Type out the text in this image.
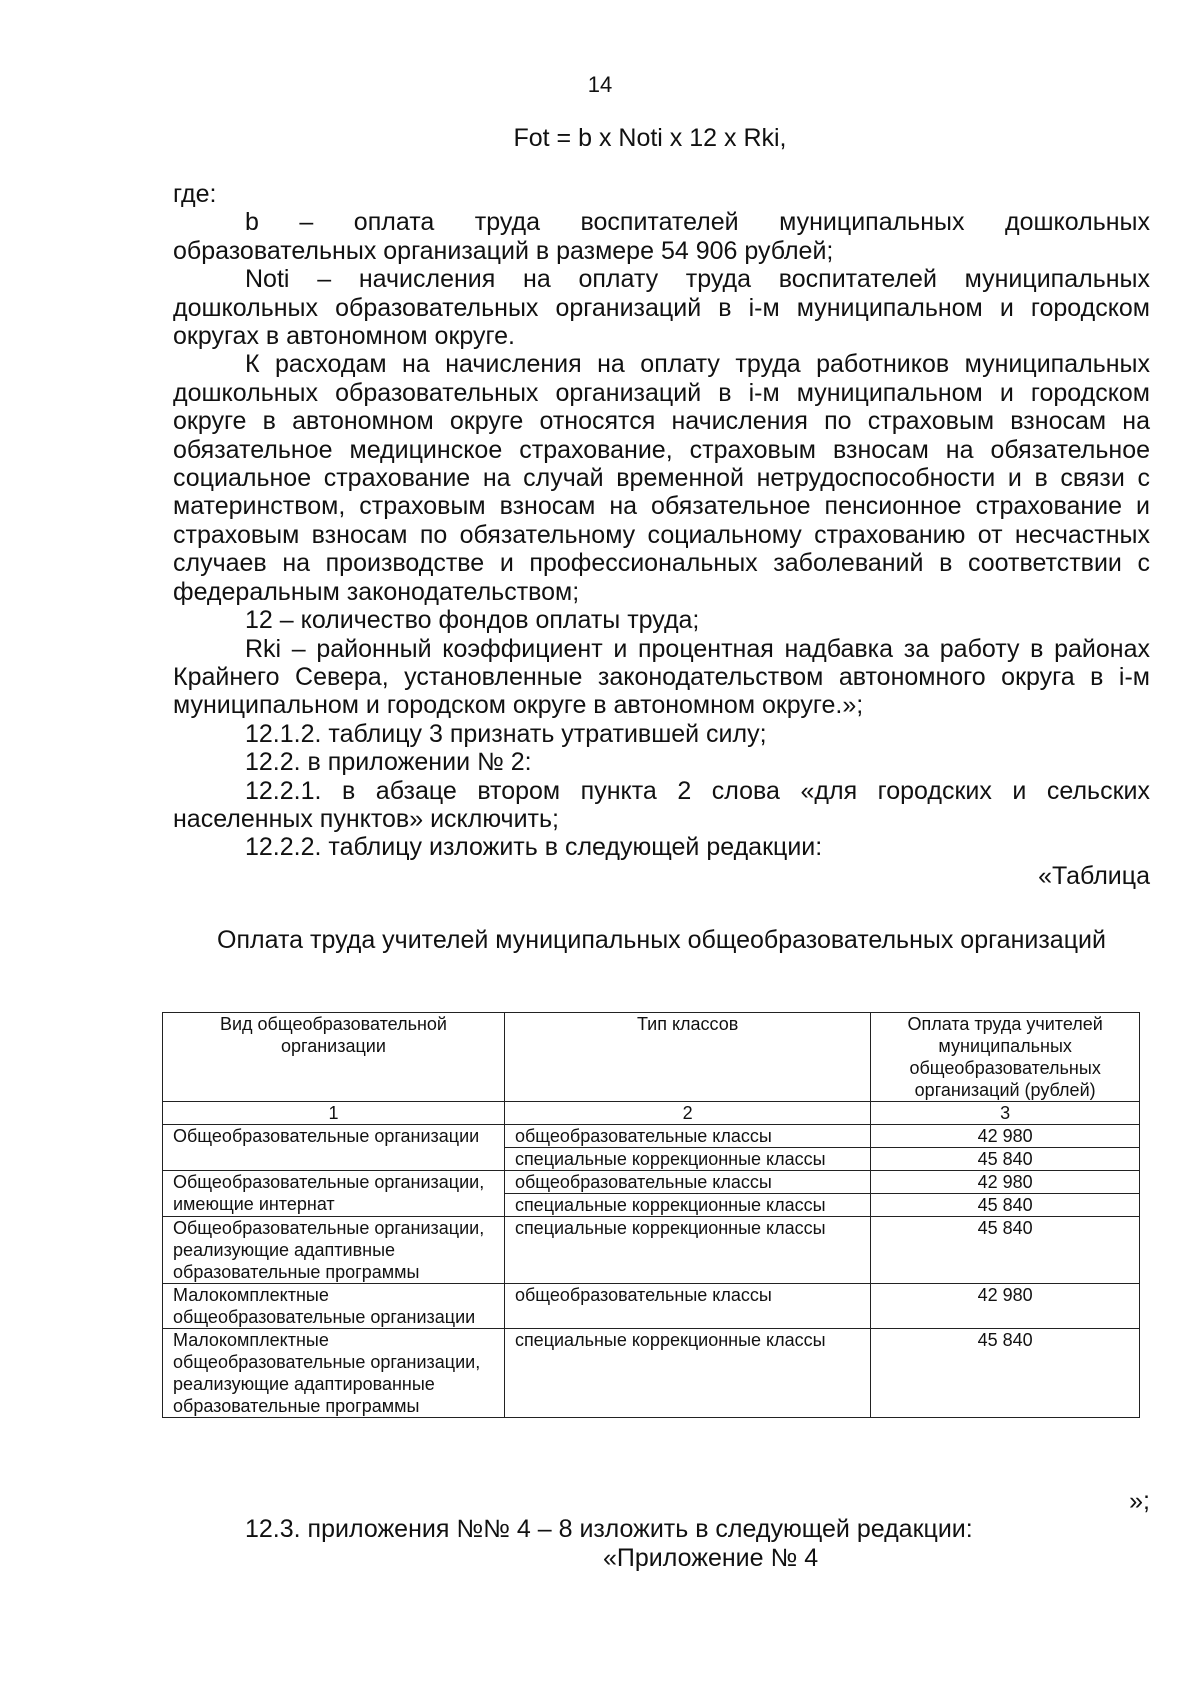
14
Fot = b x Noti x 12 x Rki,

где:

b – оплата труда воспитателей муниципальных дошкольных образовательных организаций в размере 54 906 рублей;

Noti – начисления на оплату труда воспитателей муниципальных дошкольных образовательных организаций в i-м муниципальном и городском округах в автономном округе.

К расходам на начисления на оплату труда работников муниципальных дошкольных образовательных организаций в i-м муниципальном и городском округе в автономном округе относятся начисления по страховым взносам на обязательное медицинское страхование, страховым взносам на обязательное социальное страхование на случай временной нетрудоспособности и в связи с материнством, страховым взносам на обязательное пенсионное страхование и страховым взносам по обязательному социальному страхованию от несчастных случаев на производстве и профессиональных заболеваний в соответствии с федеральным законодательством;

12 – количество фондов оплаты труда;

Rki – районный коэффициент и процентная надбавка за работу в районах Крайнего Севера, установленные законодательством автономного округа в i-м муниципальном и городском округе в автономном округе.»;

12.1.2. таблицу 3 признать утратившей силу;

12.2. в приложении № 2:

12.2.1. в абзаце втором пункта 2 слова «для городских и сельских населенных пунктов» исключить;

12.2.2. таблицу изложить в следующей редакции:

«Таблица

Оплата труда учителей муниципальных общеобразовательных организаций
Вид общеобразовательной организации	Тип классов	Оплата труда учителей муниципальных общеобразовательных организаций (рублей)
1	2	3
Общеобразовательные организации	общеобразовательные классы	42 980
	специальные коррекционные классы	45 840
Общеобразовательные организации, имеющие интернат	общеобразовательные классы	42 980
	специальные коррекционные классы	45 840
Общеобразовательные организации, реализующие адаптивные образовательные программы	специальные коррекционные классы	45 840
Малокомплектные общеобразовательные организации	общеобразовательные классы	42 980
Малокомплектные общеобразовательные организации, реализующие адаптированные образовательные программы	специальные коррекционные классы	45 840

»;

12.3. приложения №№ 4 – 8 изложить в следующей редакции:

«Приложение № 4
